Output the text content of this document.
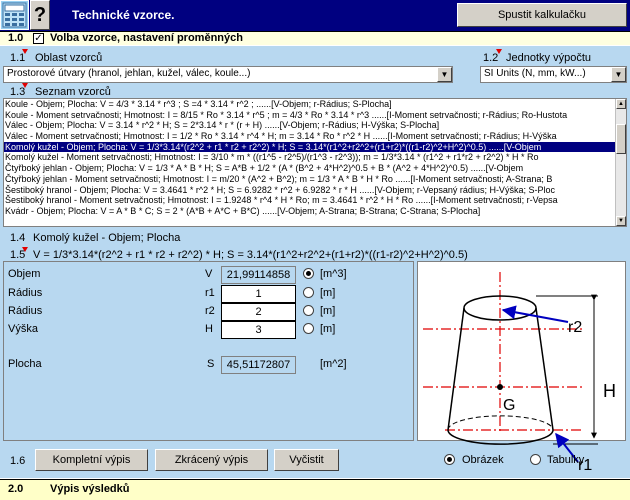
? Technické vzorce.	Spustit kalkulačku
1.0 ✓ Volba vzorce, nastavení proměnných
1.1 Oblast vzorců
Prostorové útvary (hranol, jehlan, kužel, válec, koule...)	▼
1.2 Jednotky výpočtu
SI Units (N, mm, kW...)	▼
1.3 Seznam vzorců
Koule - Objem; Plocha: V = 4/3 * 3.14 * r^3 ; S =4 * 3.14 * r^2 ; ......[V-Objem; r-Rádius; S-Plocha]
Koule - Moment setrvačnosti; Hmotnost: I = 8/15 * Ro * 3.14 * r^5 ; m = 4/3 * Ro * 3.14 * r^3 ......[I-Moment setrvačnosti; r-Rádius; Ro-Hustota
Válec - Objem; Plocha: V = 3.14 * r^2 * H; S = 2*3.14 * r * (r + H) ......[V-Objem; r-Rádius; H-Výška; S-Plocha]
Válec - Moment setrvačnosti; Hmotnost: I = 1/2 * Ro * 3.14 * r^4 * H; m = 3.14 * Ro * r^2 * H ......[I-Moment setrvačnosti; r-Rádius; H-Výška
Komolý kužel - Objem; Plocha: V = 1/3*3.14*(r2^2 + r1 * r2 + r2^2) * H; S = 3.14*(r1^2+r2^2+(r1+r2)*((r1-r2)^2+H^2)^0.5) ......[V-Objem
Komolý kužel - Moment setrvačnosti; Hmotnost: I = 3/10 * m * ((r1^5 - r2^5)/(r1^3 - r2^3)); m = 1/3*3.14 * (r1^2 + r1*r2 + r2^2) * H * Ro
Čtyřboký jehlan - Objem; Plocha: V = 1/3 * A * B * H; S = A*B + 1/2 * (A * (B^2 + 4*H^2)^0.5 + B * (A^2 + 4*H^2)^0.5) ......[V-Objem
Čtyřboký jehlan - Moment setrvačnosti; Hmotnost: I = m/20 * (A^2 + B^2); m = 1/3 * A * B * H * Ro ......[I-Moment setrvačnosti; A-Strana; B
Šestiboký hranol - Objem; Plocha: V = 3.4641 * r^2 * H; S = 6.9282 * r^2 + 6.9282 * r * H ......[V-Objem; r-Vepsaný rádius; H-Výška; S-Ploc
Šestiboký hranol - Moment setrvačnosti; Hmotnost: I = 1.9248 * r^4 * H * Ro; m = 3.4641 * r^2 * H * Ro ......[I-Moment setrvačnosti; r-Vepsa
Kvádr - Objem; Plocha: V = A * B * C; S = 2 * (A*B + A*C + B*C) ......[V-Objem; A-Strana; B-Strana; C-Strana; S-Plocha]
▲
▼
1.4 Komolý kužel - Objem; Plocha
1.5 V = 1/3*3.14*(r2^2 + r1 * r2 + r2^2) * H; S = 3.14*(r1^2+r2^2+(r1+r2)*((r1-r2)^2+H^2)^0.5)
Objem	V	21,99114858	[m^3]
Rádius	r1	1	[m]
Rádius	r2	2	[m]
Výška	H	3	[m]
Plocha	S	45,51172807	[m^2]
r2
H
G
r1
1.6 Kompletní výpis	Zkrácený výpis	Vyčistit	Obrázek	Tabulky
2.0 Výpis výsledků
